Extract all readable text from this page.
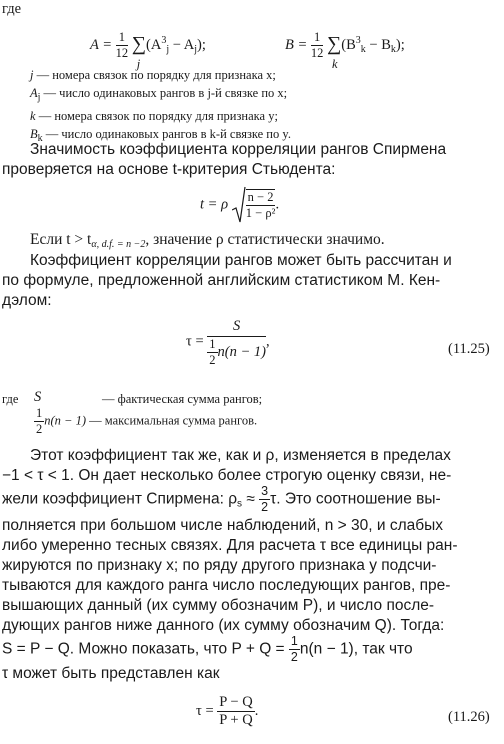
где
$A = \frac{1}{12}$ ∑
j
$(A^3_j - A_j)$;	$B = \frac{1}{12}$ ∑
k
$(B^3_k - B_k)$;
j — номера связок по порядку для признака x;
$A_j$ — число одинаковых рангов в j-й связке по x;
k — номера связок по порядку для признака y;
$B_k$ — число одинаковых рангов в k-й связке по y.
Значимость коэффициента корреляции рангов Спирмена
проверяется на основе t-критерия Стьюдента:
t = ρ $\frac{n - 2}{\text{1 − ρ²}}$ .
Если $t > t_{\alpha, d.f. = n -2}$, значение ρ статистически значимо.
Коэффициент корреляции рангов может быть рассчитан и
по формуле, предложенной английским статистиком М. Кен-
дэлом:
$\tau = \frac{S}{\frac{1}{2} n(n - 1)}$ ,	(11.25)
где S	— фактическая сумма рангов;
$\frac{1}{2} n(n - 1)$ — максимальная сумма рангов.
Этот коэффициент так же, как и ρ, изменяется в пределах
−1 < τ < 1. Он дает несколько более строгую оценку связи, не-
жели коэффициент Спирмена: $\rho_s \approx \frac{3}{2} \tau$. Это соотношение вы-
полняется при большом числе наблюдений, n > 30, и слабых
либо умеренно тесных связях. Для расчета τ все единицы ран-
жируются по признаку x; по ряду другого признака y подсчи-
тываются для каждого ранга число последующих рангов, пре-
вышающих данный (их сумму обозначим P), и число после-
дующих рангов ниже данного (их сумму обозначим Q). Тогда:
S = P − Q. Можно показать, что $P + Q = \frac{1}{2} n(n - 1)$, так что
τ может быть представлен как
$\tau = \frac{P - Q}{P + Q}$ .	(11.26)
